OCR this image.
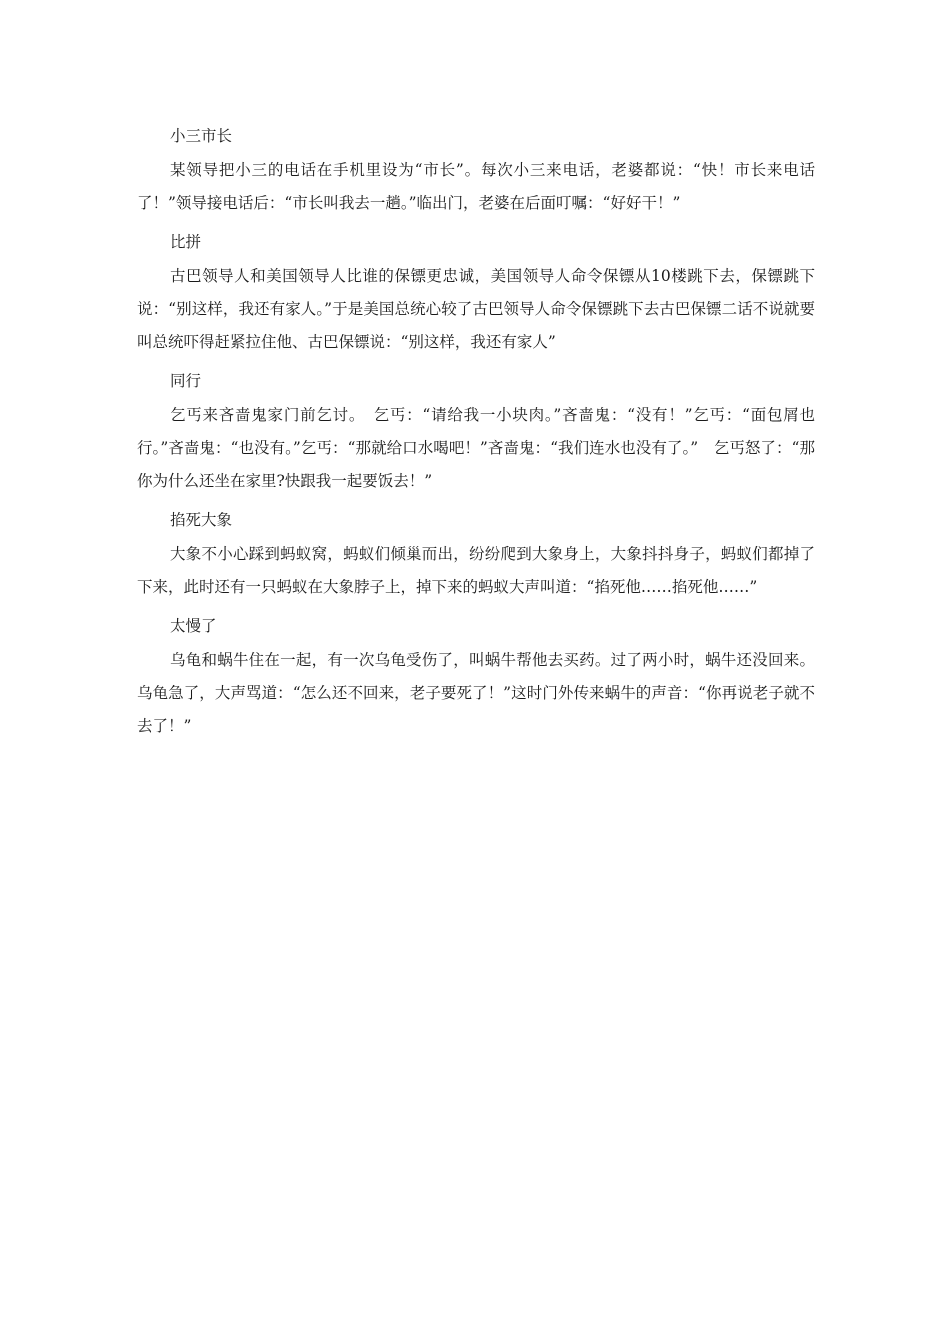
小三市长

某领导把小三的电话在手机里设为“市长”。每次小三来电话，老婆都说：“快！市长来电话了！”领导接电话后：“市长叫我去一趟。”临出门，老婆在后面叮嘱：“好好干！”

比拼

古巴领导人和美国领导人比谁的保镖更忠诚，美国领导人命令保镖从10楼跳下去，保镖跳下说：“别这样，我还有家人。”于是美国总统心较了古巴领导人命令保镖跳下去古巴保镖二话不说就要叫总统吓得赶紧拉住他、古巴保镖说：“别这样，我还有家人”

同行

乞丐来吝啬鬼家门前乞讨。　乞丐：“请给我一小块肉。”吝啬鬼：“没有！”乞丐：“面包屑也行。”吝啬鬼：“也没有。”乞丐：“那就给口水喝吧！”吝啬鬼：“我们连水也没有了。”　乞丐怒了：“那你为什么还坐在家里?快跟我一起要饭去！”

掐死大象

大象不小心踩到蚂蚁窝，蚂蚁们倾巢而出，纷纷爬到大象身上，大象抖抖身子，蚂蚁们都掉了下来，此时还有一只蚂蚁在大象脖子上，掉下来的蚂蚁大声叫道：“掐死他……掐死他……”

太慢了

乌龟和蜗牛住在一起，有一次乌龟受伤了，叫蜗牛帮他去买药。过了两小时，蜗牛还没回来。乌龟急了，大声骂道：“怎么还不回来，老子要死了！”这时门外传来蜗牛的声音：“你再说老子就不去了！”
